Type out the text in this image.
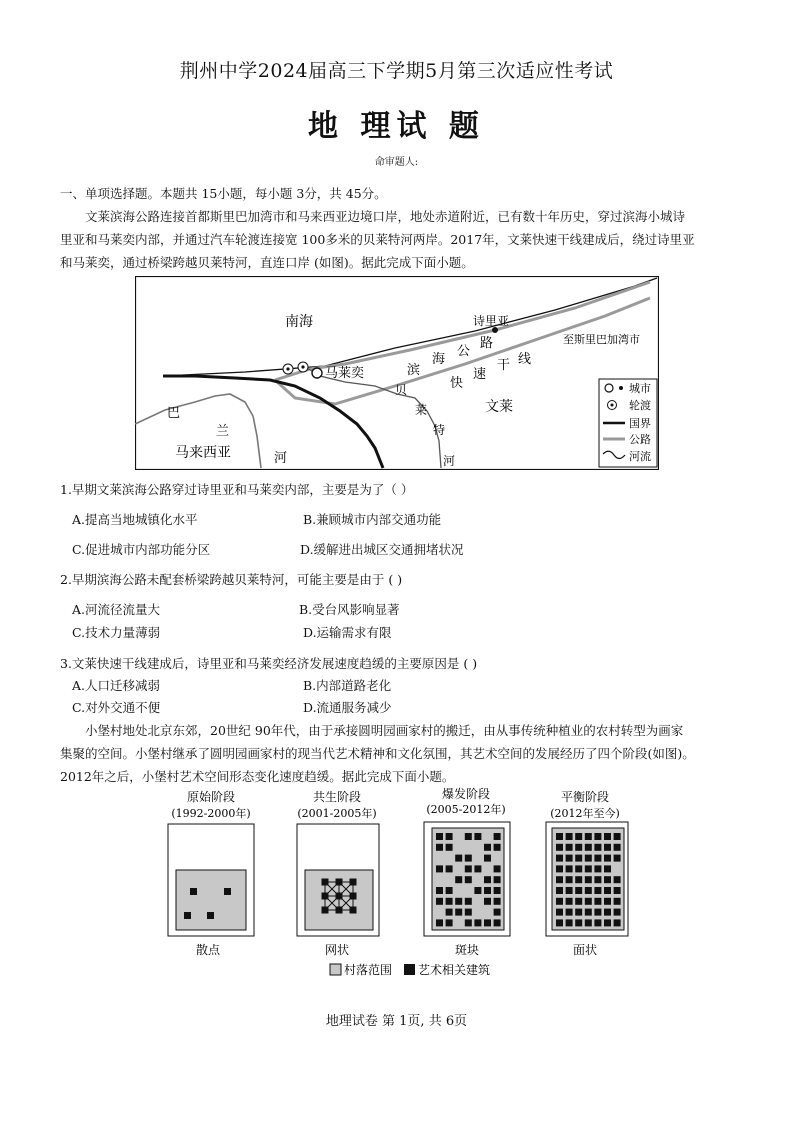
荆州中学2024届高三下学期5月第三次适应性考试
地 理试 题
命审题人:
一、单项选择题。本题共 15小题，每小题 3分，共 45分。
文莱滨海公路连接首都斯里巴加湾市和马来西亚边境口岸，地处赤道附近，已有数十年历史，穿过滨海小城诗
里亚和马莱奕内部，并通过汽车轮渡连接宽 100多米的贝莱特河两岸。2017年，文莱快速干线建成后，绕过诗里亚
和马莱奕，通过桥梁跨越贝莱特河，直连口岸 (如图)。据此完成下面小题。
南海	诗里亚
马莱奕
至斯里巴加湾市
滨
海
公
路
快
速
干 线
贝
莱
特
河
巴
兰
河
文莱
马来西亚
城市
轮渡
国界
公路
河流
1.早期文莱滨海公路穿过诗里亚和马莱奕内部，主要是为了（ ）
A.提高当地城镇化水平	B.兼顾城市内部交通功能
C.促进城市内部功能分区	D.缓解进出城区交通拥堵状况
2.早期滨海公路未配套桥梁跨越贝莱特河，可能主要是由于 ( )
A.河流径流量大	B.受台风影响显著
C.技术力量薄弱	D.运输需求有限
3.文莱快速干线建成后，诗里亚和马莱奕经济发展速度趋缓的主要原因是 ( )
A.人口迁移减弱	B.内部道路老化
C.对外交通不便	D.流通服务减少
小堡村地处北京东郊，20世纪 90年代，由于承接圆明园画家村的搬迁，由从事传统种植业的农村转型为画家
集聚的空间。小堡村继承了圆明园画家村的现当代艺术精神和文化氛围，其艺术空间的发展经历了四个阶段(如图)。
2012年之后，小堡村艺术空间形态变化速度趋缓。据此完成下面小题。
原始阶段
(1992-2000年)
共生阶段
(2001-2005年)
爆发阶段
(2005-2012年)
平衡阶段
(2012年至今)
散点	网状	斑块	面状
村落范围 艺术相关建筑
地理试卷 第 1页, 共 6页
